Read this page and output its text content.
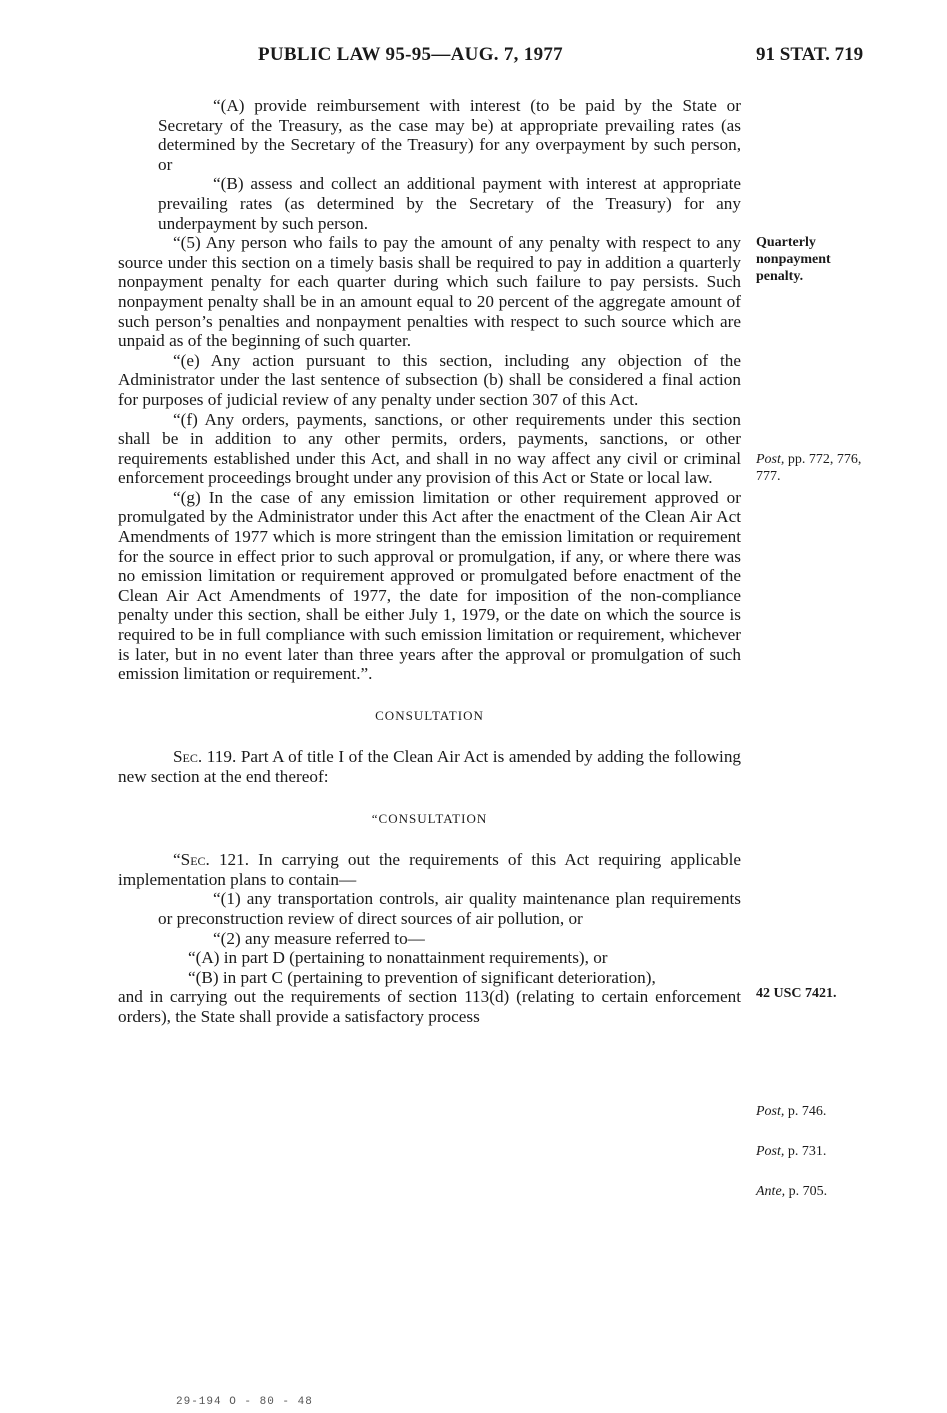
PUBLIC LAW 95-95—AUG. 7, 1977	91 STAT. 719

“(A) provide reimbursement with interest (to be paid by the State or Secretary of the Treasury, as the case may be) at appropriate prevailing rates (as determined by the Secretary of the Treasury) for any overpayment by such person, or

“(B) assess and collect an additional payment with interest at appropriate prevailing rates (as determined by the Secretary of the Treasury) for any underpayment by such person.

“(5) Any person who fails to pay the amount of any penalty with respect to any source under this section on a timely basis shall be required to pay in addition a quarterly nonpayment penalty for each quarter during which such failure to pay persists. Such nonpayment penalty shall be in an amount equal to 20 percent of the aggregate amount of such person’s penalties and nonpayment penalties with respect to such source which are unpaid as of the beginning of such quarter.

“(e) Any action pursuant to this section, including any objection of the Administrator under the last sentence of subsection (b) shall be considered a final action for purposes of judicial review of any penalty under section 307 of this Act.

“(f) Any orders, payments, sanctions, or other requirements under this section shall be in addition to any other permits, orders, payments, sanctions, or other requirements established under this Act, and shall in no way affect any civil or criminal enforcement proceedings brought under any provision of this Act or State or local law.

“(g) In the case of any emission limitation or other requirement approved or promulgated by the Administrator under this Act after the enactment of the Clean Air Act Amendments of 1977 which is more stringent than the emission limitation or requirement for the source in effect prior to such approval or promulgation, if any, or where there was no emission limitation or requirement approved or promulgated before enactment of the Clean Air Act Amendments of 1977, the date for imposition of the non-compliance penalty under this section, shall be either July 1, 1979, or the date on which the source is required to be in full compliance with such emission limitation or requirement, whichever is later, but in no event later than three years after the approval or promulgation of such emission limitation or requirement.”.

CONSULTATION

Sec. 119. Part A of title I of the Clean Air Act is amended by adding the following new section at the end thereof:

“CONSULTATION

“Sec. 121. In carrying out the requirements of this Act requiring applicable implementation plans to contain—

“(1) any transportation controls, air quality maintenance plan requirements or preconstruction review of direct sources of air pollution, or

“(2) any measure referred to—

“(A) in part D (pertaining to nonattainment requirements), or

“(B) in part C (pertaining to prevention of significant deterioration),

and in carrying out the requirements of section 113(d) (relating to certain enforcement orders), the State shall provide a satisfactory process

Quarterly nonpayment penalty.
Post, pp. 772, 776, 777.
42 USC 7421.
Post, p. 746.
Post, p. 731.
Ante, p. 705.
29-194 O - 80 - 48
